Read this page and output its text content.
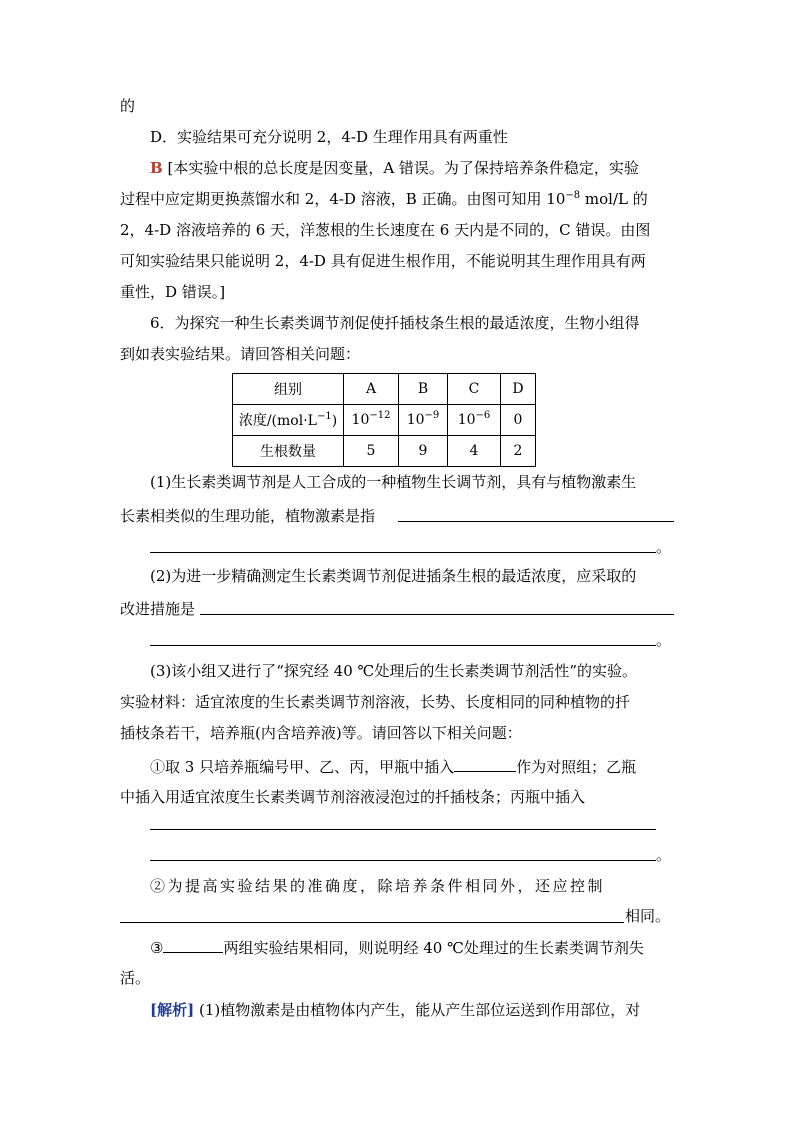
的
D．实验结果可充分说明 2，4-D 生理作用具有两重性
B [本实验中根的总长度是因变量，A 错误。为了保持培养条件稳定，实验
过程中应定期更换蒸馏水和 2，4-D 溶液，B 正确。由图可知用 $10^{-8}$ mol/L 的
2，4-D 溶液培养的 6 天，洋葱根的生长速度在 6 天内是不同的，C 错误。由图
可知实验结果只能说明 2，4-D 具有促进生根作用，不能说明其生理作用具有两
重性，D 错误。]
6．为探究一种生长素类调节剂促使扦插枝条生根的最适浓度，生物小组得
到如表实验结果。请回答相关问题：
组别	A	B	C	D
浓度$/(mol\cdot L^{-1})$	$10^{-12}$	$10^{-9}$	$10^{-6}$	0
生根数量	5	9	4	2
(1)生长素类调节剂是人工合成的一种植物生长调节剂，具有与植物激素生
长素相类似的生理功能，植物激素是指
。
(2)为进一步精确测定生长素类调节剂促进插条生根的最适浓度，应采取的
改进措施是
。
(3)该小组又进行了“探究经 40 ℃处理后的生长素类调节剂活性”的实验。
实验材料：适宜浓度的生长素类调节剂溶液，长势、长度相同的同种植物的扦
插枝条若干，培养瓶(内含培养液)等。请回答以下相关问题：
①取 3 只培养瓶编号甲、乙、丙，甲瓶中插入	作为对照组；乙瓶
中插入用适宜浓度生长素类调节剂溶液浸泡过的扦插枝条；丙瓶中插入
。
②为提高实验结果的准确度，除培养条件相同外，还应控制
相同。
③	两组实验结果相同，则说明经 40 ℃处理过的生长素类调节剂失
活。
[解析] (1)植物激素是由植物体内产生，能从产生部位运送到作用部位，对
